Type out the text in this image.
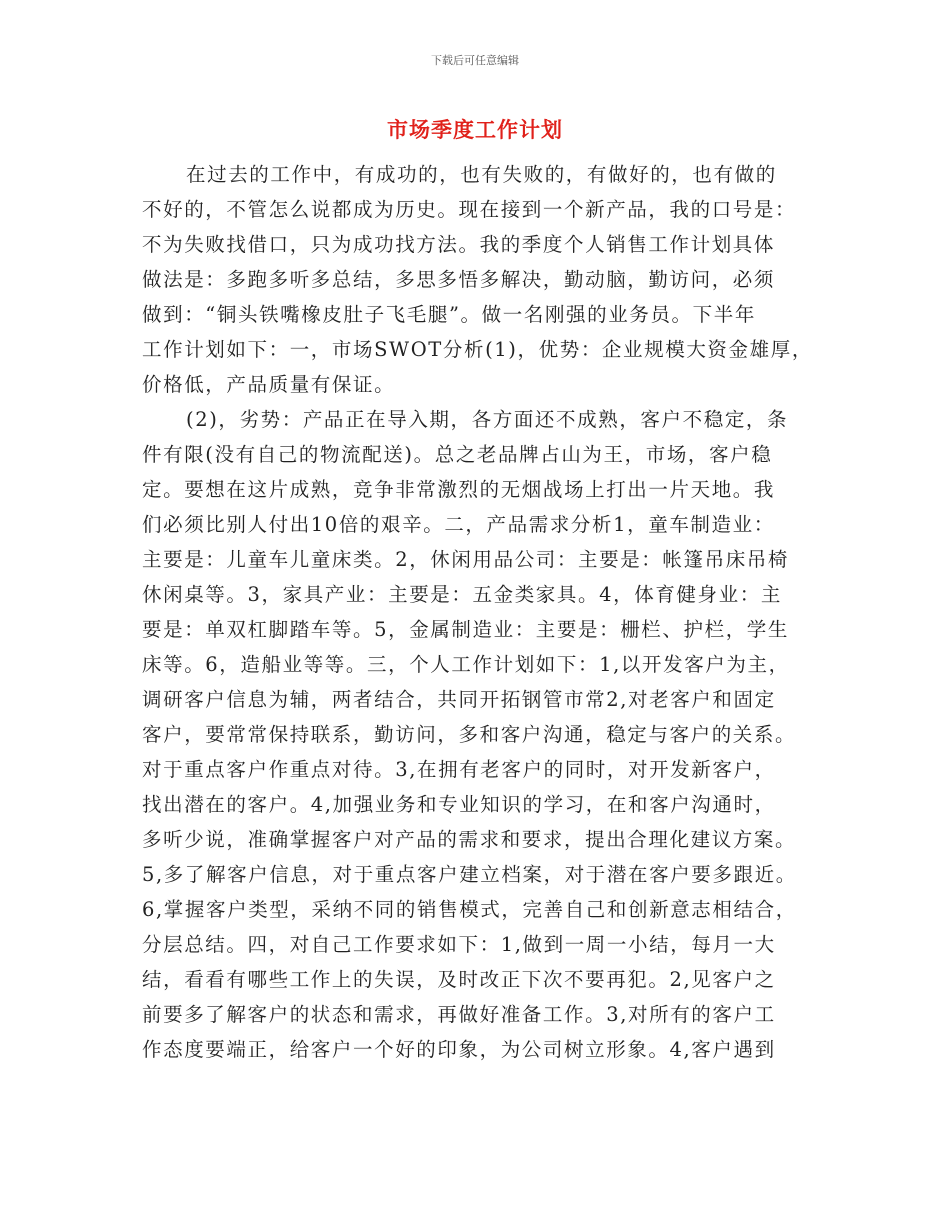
下载后可任意编辑
市场季度工作计划
在过去的工作中，有成功的，也有失败的，有做好的，也有做的
不好的，不管怎么说都成为历史。现在接到一个新产品，我的口号是：
不为失败找借口，只为成功找方法。我的季度个人销售工作计划具体
做法是：多跑多听多总结，多思多悟多解决，勤动脑，勤访问，必须
做到：“铜头铁嘴橡皮肚子飞毛腿”。做一名刚强的业务员。下半年
工作计划如下：一，市场SWOT分析(1)，优势：企业规模大资金雄厚，
价格低，产品质量有保证。
(2)，劣势：产品正在导入期，各方面还不成熟，客户不稳定，条
件有限(没有自己的物流配送)。总之老品牌占山为王，市场，客户稳
定。要想在这片成熟，竞争非常激烈的无烟战场上打出一片天地。我
们必须比别人付出10倍的艰辛。二，产品需求分析1，童车制造业：
主要是：儿童车儿童床类。2，休闲用品公司：主要是：帐篷吊床吊椅
休闲桌等。3，家具产业：主要是：五金类家具。4，体育健身业：主
要是：单双杠脚踏车等。5，金属制造业：主要是：栅栏、护栏，学生
床等。6，造船业等等。三，个人工作计划如下：1,以开发客户为主，
调研客户信息为辅，两者结合，共同开拓钢管市常2,对老客户和固定
客户，要常常保持联系，勤访问，多和客户沟通，稳定与客户的关系。
对于重点客户作重点对待。3,在拥有老客户的同时，对开发新客户，
找出潜在的客户。4,加强业务和专业知识的学习，在和客户沟通时，
多听少说，准确掌握客户对产品的需求和要求，提出合理化建议方案。
5,多了解客户信息，对于重点客户建立档案，对于潜在客户要多跟近。
6,掌握客户类型，采纳不同的销售模式，完善自己和创新意志相结合，
分层总结。四，对自己工作要求如下：1,做到一周一小结，每月一大
结，看看有哪些工作上的失误，及时改正下次不要再犯。2,见客户之
前要多了解客户的状态和需求，再做好准备工作。3,对所有的客户工
作态度要端正，给客户一个好的印象，为公司树立形象。4,客户遇到
